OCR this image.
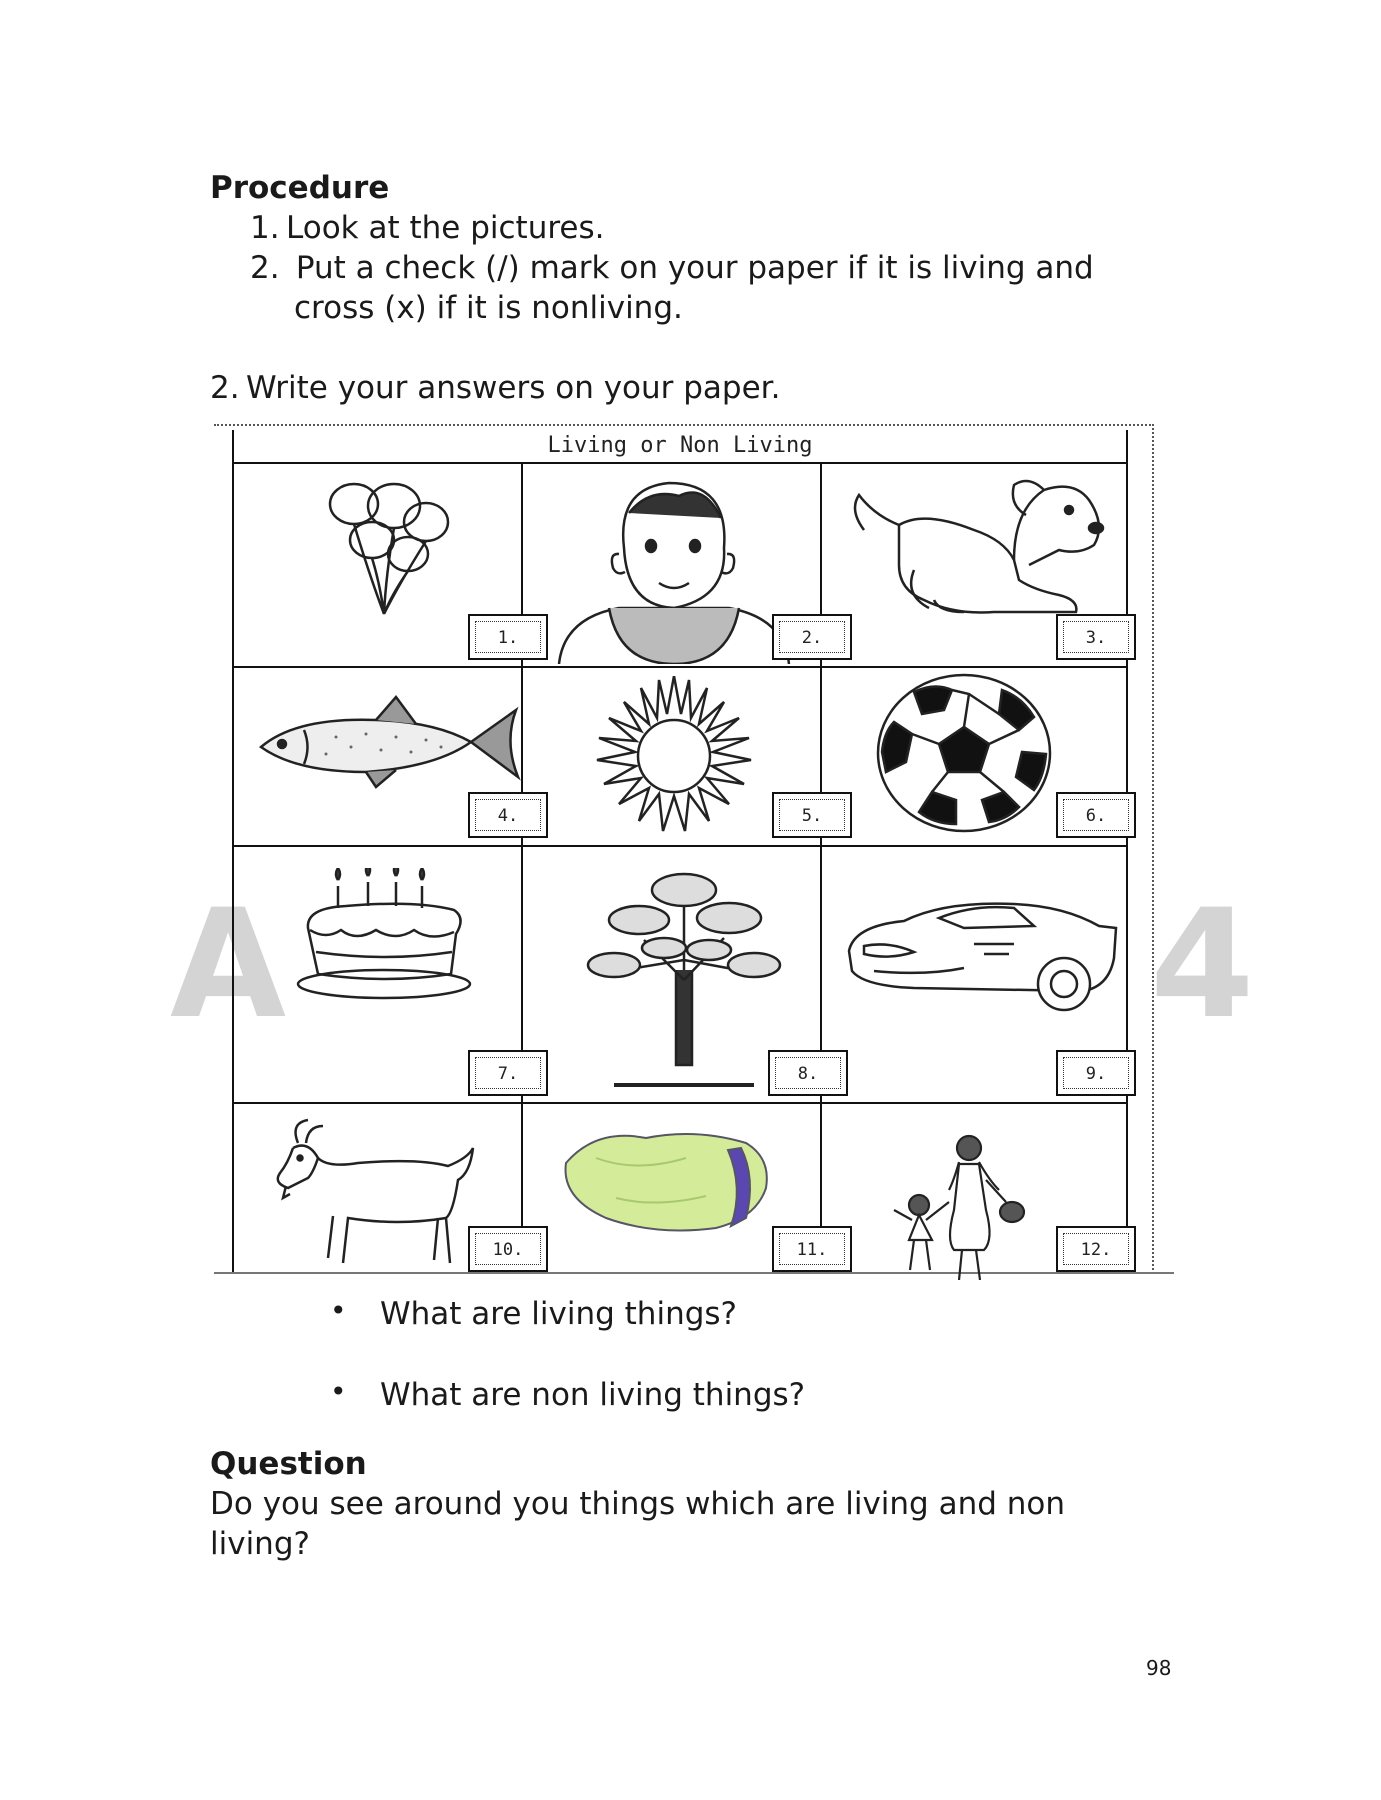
A	4
Procedure

1. Look at the pictures.

2. Put a check (/) mark on your paper if it is living and

cross (x) if it is nonliving.

2. Write your answers on your paper.

Living or Non Living
1.	2.	3.
4.	5.	6.
7.	8.	9.
10.	11.	12.
• What are living things?
• What are non living things?
Question

Do you see around you things which are living and non

living?

98
